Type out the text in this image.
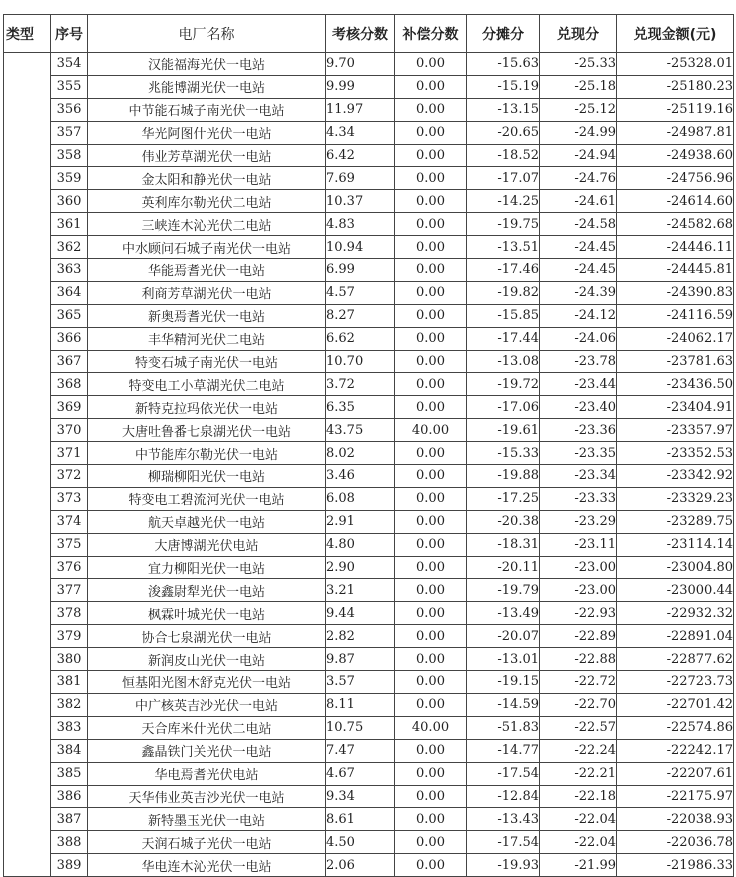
类型	序号	电厂名称	考核分数	补偿分数	分摊分	兑现分	兑现金额(元)
	354	汉能福海光伏一电站	9.70	0.00	-15.63	-25.33	-25328.01
	355	兆能博湖光伏一电站	9.99	0.00	-15.19	-25.18	-25180.23
	356	中节能石城子南光伏一电站	11.97	0.00	-13.15	-25.12	-25119.16
	357	华光阿图什光伏一电站	4.34	0.00	-20.65	-24.99	-24987.81
	358	伟业芳草湖光伏一电站	6.42	0.00	-18.52	-24.94	-24938.60
	359	金太阳和静光伏一电站	7.69	0.00	-17.07	-24.76	-24756.96
	360	英利库尔勒光伏二电站	10.37	0.00	-14.25	-24.61	-24614.60
	361	三峡连木沁光伏二电站	4.83	0.00	-19.75	-24.58	-24582.68
	362	中水顾问石城子南光伏一电站	10.94	0.00	-13.51	-24.45	-24446.11
	363	华能焉耆光伏一电站	6.99	0.00	-17.46	-24.45	-24445.81
	364	利商芳草湖光伏一电站	4.57	0.00	-19.82	-24.39	-24390.83
	365	新奥焉耆光伏一电站	8.27	0.00	-15.85	-24.12	-24116.59
	366	丰华精河光伏二电站	6.62	0.00	-17.44	-24.06	-24062.17
	367	特变石城子南光伏一电站	10.70	0.00	-13.08	-23.78	-23781.63
	368	特变电工小草湖光伏二电站	3.72	0.00	-19.72	-23.44	-23436.50
	369	新特克拉玛依光伏一电站	6.35	0.00	-17.06	-23.40	-23404.91
	370	大唐吐鲁番七泉湖光伏一电站	43.75	40.00	-19.61	-23.36	-23357.97
	371	中节能库尔勒光伏一电站	8.02	0.00	-15.33	-23.35	-23352.53
	372	柳瑞柳阳光伏一电站	3.46	0.00	-19.88	-23.34	-23342.92
	373	特变电工碧流河光伏一电站	6.08	0.00	-17.25	-23.33	-23329.23
	374	航天卓越光伏一电站	2.91	0.00	-20.38	-23.29	-23289.75
	375	大唐博湖光伏电站	4.80	0.00	-18.31	-23.11	-23114.14
	376	宜力柳阳光伏一电站	2.90	0.00	-20.11	-23.00	-23004.80
	377	浚鑫尉犁光伏一电站	3.21	0.00	-19.79	-23.00	-23000.44
	378	枫霖叶城光伏一电站	9.44	0.00	-13.49	-22.93	-22932.32
	379	协合七泉湖光伏一电站	2.82	0.00	-20.07	-22.89	-22891.04
	380	新润皮山光伏一电站	9.87	0.00	-13.01	-22.88	-22877.62
	381	恒基阳光图木舒克光伏一电站	3.57	0.00	-19.15	-22.72	-22723.73
	382	中广核英吉沙光伏一电站	8.11	0.00	-14.59	-22.70	-22701.42
	383	天合库米什光伏二电站	10.75	40.00	-51.83	-22.57	-22574.86
	384	鑫晶铁门关光伏一电站	7.47	0.00	-14.77	-22.24	-22242.17
	385	华电焉耆光伏电站	4.67	0.00	-17.54	-22.21	-22207.61
	386	天华伟业英吉沙光伏一电站	9.34	0.00	-12.84	-22.18	-22175.97
	387	新特墨玉光伏一电站	8.61	0.00	-13.43	-22.04	-22038.93
	388	天润石城子光伏一电站	4.50	0.00	-17.54	-22.04	-22036.78
	389	华电连木沁光伏一电站	2.06	0.00	-19.93	-21.99	-21986.33
